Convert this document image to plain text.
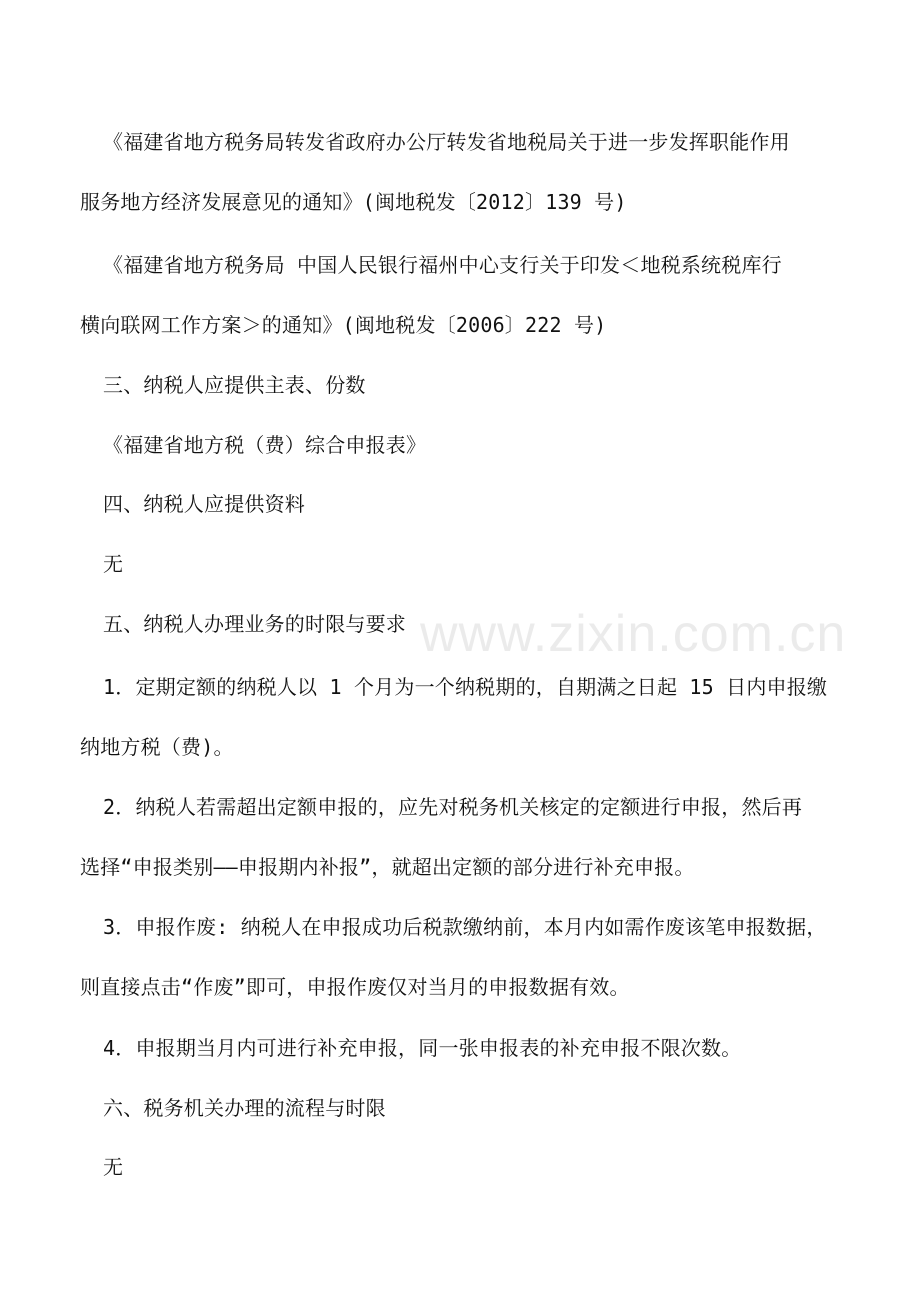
www.zixin.com.cn
《福建省地方税务局转发省政府办公厅转发省地税局关于进一步发挥职能作用
服务地方经济发展意见的通知》(闽地税发〔2012〕139 号)
《福建省地方税务局 中国人民银行福州中心支行关于印发＜地税系统税库行
横向联网工作方案＞的通知》(闽地税发〔2006〕222 号)
三、纳税人应提供主表、份数
《福建省地方税（费）综合申报表》
四、纳税人应提供资料
无
五、纳税人办理业务的时限与要求
1．定期定额的纳税人以 1 个月为一个纳税期的，自期满之日起 15 日内申报缴
纳地方税（费)。
2．纳税人若需超出定额申报的，应先对税务机关核定的定额进行申报，然后再
选择“申报类别——申报期内补报”，就超出定额的部分进行补充申报。
3．申报作废: 纳税人在申报成功后税款缴纳前，本月内如需作废该笔申报数据，
则直接点击“作废”即可，申报作废仅对当月的申报数据有效。
4．申报期当月内可进行补充申报，同一张申报表的补充申报不限次数。
六、税务机关办理的流程与时限
无
